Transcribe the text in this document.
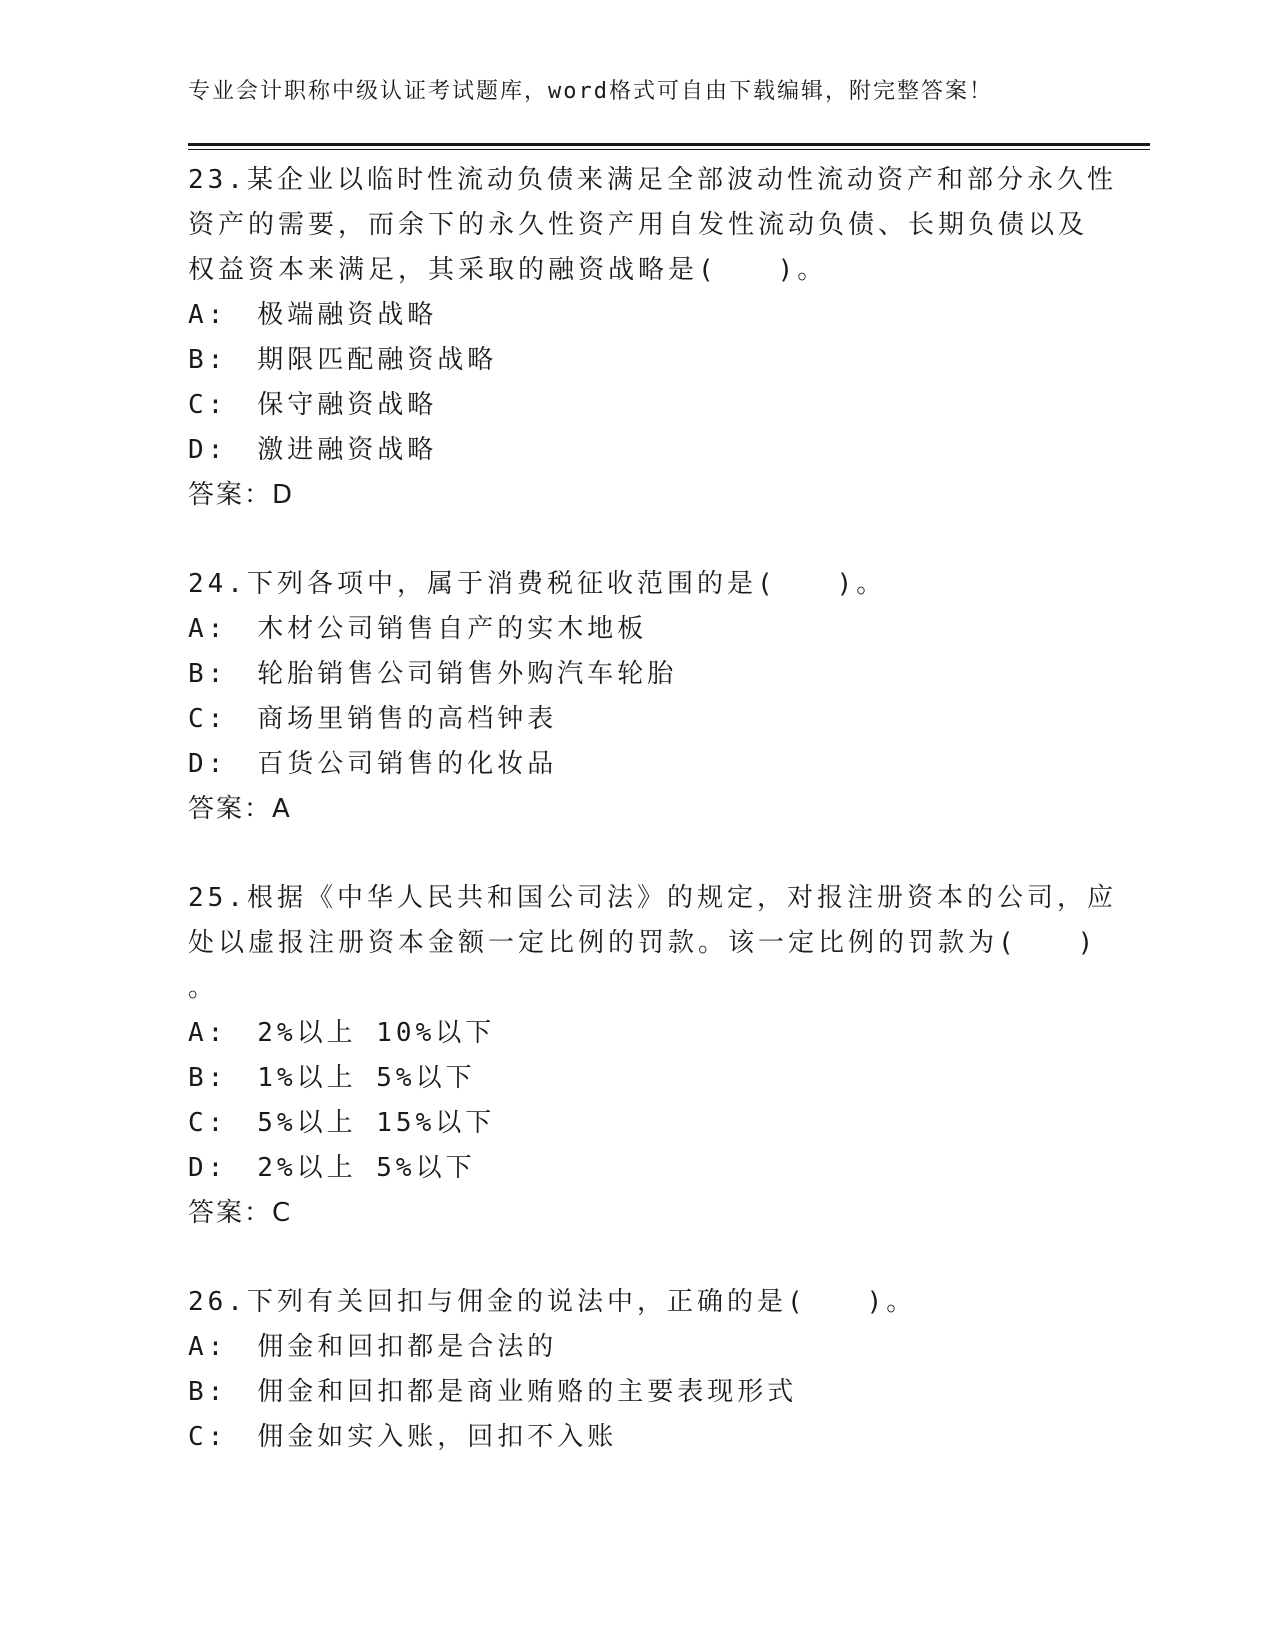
专业会计职称中级认证考试题库，word格式可自由下载编辑，附完整答案！
23.某企业以临时性流动负债来满足全部波动性流动资产和部分永久性
资产的需要，而余下的永久性资产用自发性流动负债、长期负债以及
权益资本来满足，其采取的融资战略是(　　)。
A:　极端融资战略
B:　期限匹配融资战略
C:　保守融资战略
D:　激进融资战略
答案：D
24.下列各项中，属于消费税征收范围的是(　　)。
A:　木材公司销售自产的实木地板
B:　轮胎销售公司销售外购汽车轮胎
C:　商场里销售的高档钟表
D:　百货公司销售的化妆品
答案：A
25.根据《中华人民共和国公司法》的规定，对报注册资本的公司，应
处以虚报注册资本金额一定比例的罚款。该一定比例的罚款为(　　)
。
A:　2%以上 10%以下
B:　1%以上 5%以下
C:　5%以上 15%以下
D:　2%以上 5%以下
答案：C
26.下列有关回扣与佣金的说法中，正确的是(　　)。
A:　佣金和回扣都是合法的
B:　佣金和回扣都是商业贿赂的主要表现形式
C:　佣金如实入账，回扣不入账
